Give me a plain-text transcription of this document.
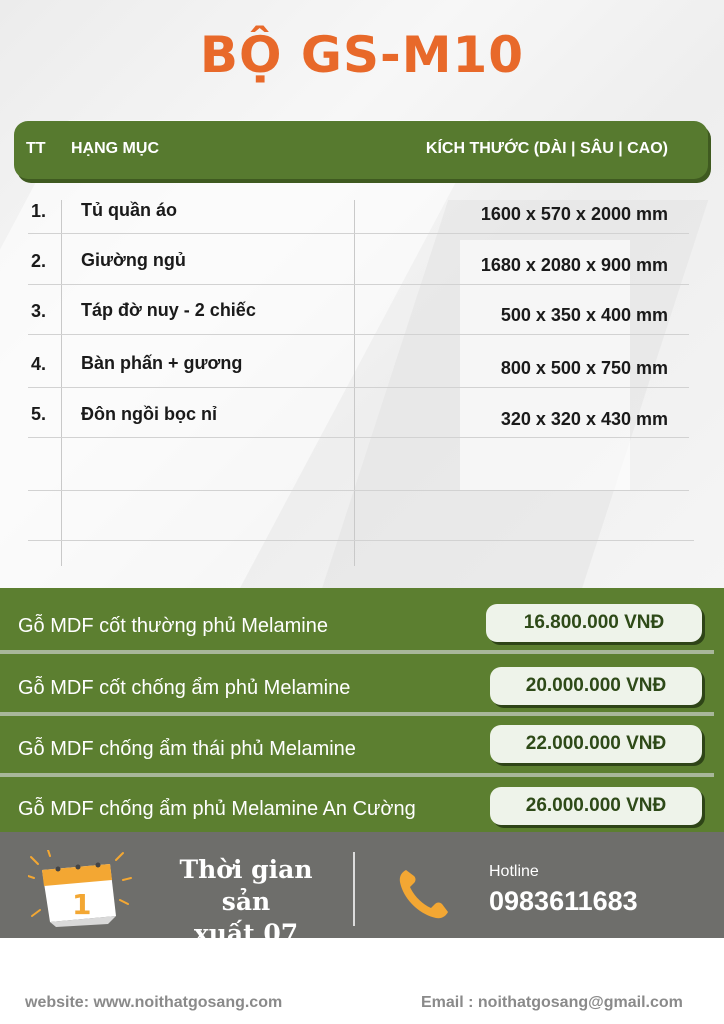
BỘ GS-M10
TT HẠNG MỤC	KÍCH THƯỚC (DÀI | SÂU | CAO)
1. Tủ quần áo	1600 x 570 x 2000 mm
2. Giường ngủ	1680 x 2080 x 900 mm
3. Táp đờ nuy - 2 chiếc	500 x 350 x 400 mm
4. Bàn phấn + gương	800 x 500 x 750 mm
5. Đôn ngồi bọc nỉ	320 x 320 x 430 mm
Gỗ MDF cốt thường phủ Melamine	16.800.000 VNĐ
Gỗ MDF cốt chống ẩm phủ Melamine	20.000.000 VNĐ
Gỗ MDF chống ẩm thái phủ Melamine	22.000.000 VNĐ
Gỗ MDF chống ẩm phủ Melamine An Cường	26.000.000 VNĐ
1
Thời gian sản
xuất 07 ngày
Hotline
0983611683
website: www.noithatgosang.com	Email : noithatgosang@gmail.com
